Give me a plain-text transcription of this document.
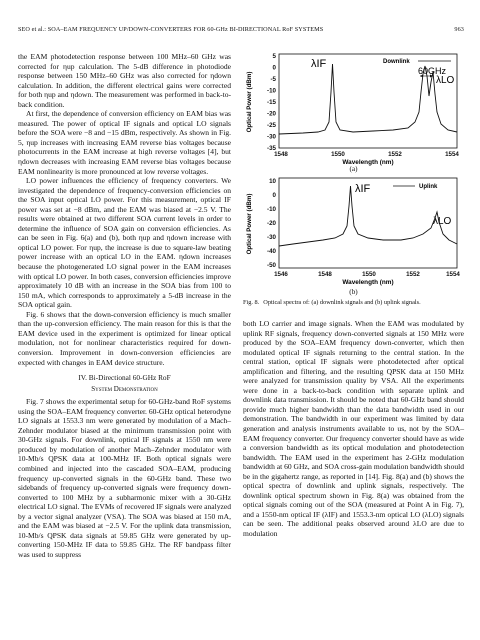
SEO et al.: SOA–EAM FREQUENCY UP/DOWN-CONVERTERS FOR 60-GHz BI-DIRECTIONAL RoF SYSTEMS	963

the EAM photodetection response between 100 MHz–60 GHz was corrected for ηup calculation. The 5-dB difference in photodiode response between 150 MHz–60 GHz was also corrected for ηdown calculation. In addition, the different electrical gains were corrected for both ηup and ηdown. The measurement was performed in back-to-back condition.

At first, the dependence of conversion efficiency on EAM bias was measured. The power of optical IF signals and optical LO signals before the SOA were −8 and −15 dBm, respectively. As shown in Fig. 5, ηup increases with increasing EAM reverse bias voltages because photocurrents in the EAM increase at high reverse voltages [4], but ηdown decreases with increasing EAM reverse bias voltages because EAM nonlinearity is more pronounced at low reverse voltages.

LO power influences the efficiency of frequency converters. We investigated the dependence of frequency-conversion efficiencies on the SOA input optical LO power. For this measurement, optical IF power was set at −8 dBm, and the EAM was biased at −2.5 V. The results were obtained at two different SOA current levels in order to determine the influence of SOA gain on conversion efficiencies. As can be seen in Fig. 6(a) and (b), both ηup and ηdown increase with optical LO power. For ηup, the increase is due to square-law beating power increase with an optical LO in the EAM. ηdown increases because the photogenerated LO signal power in the EAM increases with optical LO power. In both cases, conversion efficiencies improve approximately 10 dB with an increase in the SOA bias from 100 to 150 mA, which corresponds to approximately a 5-dB increase in the SOA optical gain.

Fig. 6 shows that the down-conversion efficiency is much smaller than the up-conversion efficiency. The main reason for this is that the EAM device used in the experiment is optimized for linear optical modulation, not for nonlinear characteristics required for down-conversion. Improvement in down-conversion efficiencies are expected with changes in EAM device structure.

IV. Bi-Directional 60-GHz RoF
System Demonstration

Fig. 7 shows the experimental setup for 60-GHz-band RoF systems using the SOA–EAM frequency converter. 60-GHz optical heterodyne LO signals at 1553.3 nm were generated by modulation of a Mach–Zehnder modulator biased at the minimum transmission point with 30-GHz signals. For downlink, optical IF signals at 1550 nm were produced by modulation of another Mach–Zehnder modulator with 10-Mb/s QPSK data at 100-MHz IF. Both optical signals were combined and injected into the cascaded SOA–EAM, producing frequency up-converted signals in the 60-GHz band. These two sidebands of frequency up-converted signals were frequency down-converted to 100 MHz by a subharmonic mixer with a 30-GHz electrical LO signal. The EVMs of recovered IF signals were analyzed by a vector signal analyzer (VSA). The SOA was biased at 150 mA, and the EAM was biased at −2.5 V. For the uplink data transmission, 10-Mb/s QPSK data signals at 59.85 GHz were generated by up-converting 150-MHz IF data to 59.85 GHz. The RF bandpass filter was used to suppress

5
0
-5
-10
-15
-20
-25
-30
-35
1548	1550	1552	1554
Wavelength (nm)
Optical Power (dBm)
λIF	Downlink
60GHz
λLO
(a)
10
0
-10
-20
-30
-40
-50
1546	1548	1550	1552	1554
Wavelength (nm)
Optical Power (dBm)
λIF	Uplink
λLO
(b)
Fig. 8. Optical spectra of: (a) downlink signals and (b) uplink signals.

both LO carrier and image signals. When the EAM was modulated by uplink RF signals, frequency down-converted signals at 150 MHz were produced by the SOA–EAM frequency down-converter, which then modulated optical IF signals returning to the central station. In the central station, optical IF signals were photodetected after optical amplification and filtering, and the resulting QPSK data at 150 MHz were analyzed for transmission quality by VSA. All the experiments were done in a back-to-back condition with separate uplink and downlink data transmission. It should be noted that 60-GHz band should provide much higher bandwidth than the data bandwidth used in our demonstration. The bandwidth in our experiment was limited by data generation and analysis instruments available to us, not by the SOA–EAM frequency converter. Our frequency converter should have as wide a conversion bandwidth as its optical modulation and photodetection bandwidth. The EAM used in the experiment has 2-GHz modulation bandwidth at 60 GHz, and SOA cross-gain modulation bandwidth should be in the gigahertz range, as reported in [14]. Fig. 8(a) and (b) shows the optical spectra of downlink and uplink signals, respectively. The downlink optical spectrum shown in Fig. 8(a) was obtained from the optical signals coming out of the SOA (measured at Point A in Fig. 7), and a 1550-nm optical IF (λIF) and 1553.3-nm optical LO (λLO) signals can be seen. The additional peaks observed around λLO are due to modulation
